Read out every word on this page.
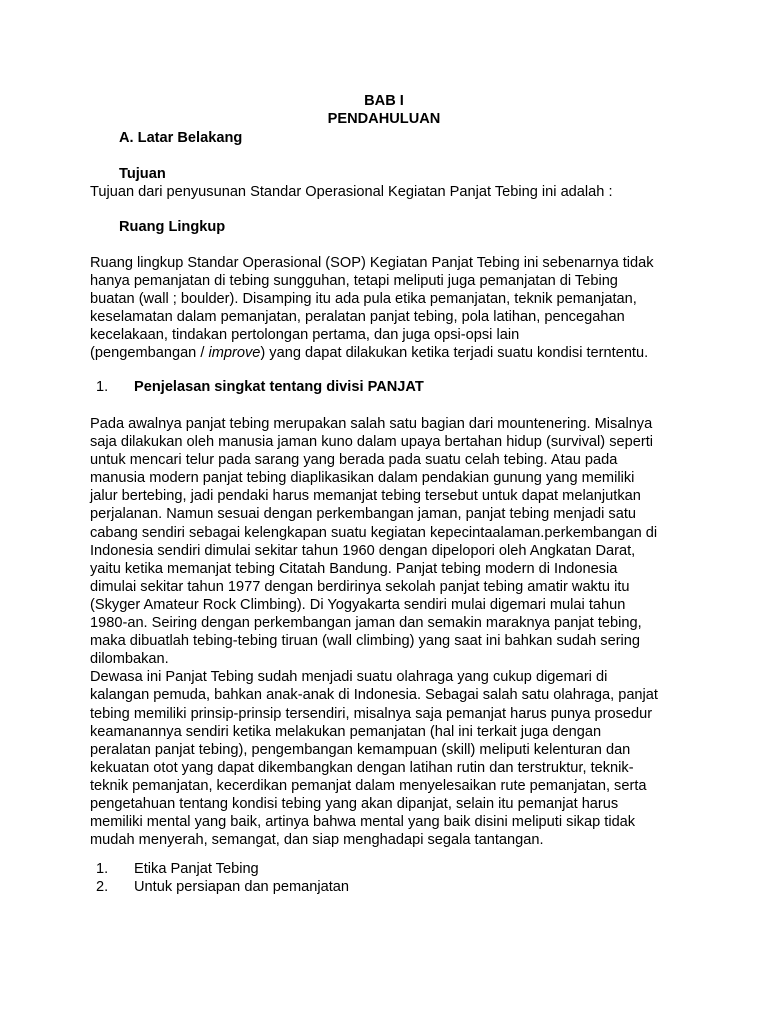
BAB I
PENDAHULUAN
A. Latar Belakang
Tujuan
Tujuan dari penyusunan Standar Operasional Kegiatan Panjat Tebing ini adalah :
Ruang Lingkup
Ruang lingkup Standar Operasional (SOP) Kegiatan Panjat Tebing ini sebenarnya tidak
hanya pemanjatan di tebing sungguhan, tetapi meliputi juga pemanjatan di Tebing
buatan (wall ; boulder). Disamping itu ada pula etika pemanjatan, teknik pemanjatan,
keselamatan dalam pemanjatan, peralatan panjat tebing, pola latihan, pencegahan
kecelakaan, tindakan pertolongan pertama, dan juga opsi-opsi lain
(pengembangan / improve) yang dapat dilakukan ketika terjadi suatu kondisi terntentu.
1. Penjelasan singkat tentang divisi PANJAT
Pada awalnya panjat tebing merupakan salah satu bagian dari mountenering. Misalnya
saja dilakukan oleh manusia jaman kuno dalam upaya bertahan hidup (survival) seperti
untuk mencari telur pada sarang yang berada pada suatu celah tebing. Atau pada
manusia modern panjat tebing diaplikasikan dalam pendakian gunung yang memiliki
jalur bertebing, jadi pendaki harus memanjat tebing tersebut untuk dapat melanjutkan
perjalanan. Namun sesuai dengan perkembangan jaman, panjat tebing menjadi satu
cabang sendiri sebagai kelengkapan suatu kegiatan kepecintaalaman.perkembangan di
Indonesia sendiri dimulai sekitar tahun 1960 dengan dipelopori oleh Angkatan Darat,
yaitu ketika memanjat tebing Citatah Bandung. Panjat tebing modern di Indonesia
dimulai sekitar tahun 1977 dengan berdirinya sekolah panjat tebing amatir waktu itu
(Skyger Amateur Rock Climbing). Di Yogyakarta sendiri mulai digemari mulai tahun
1980-an. Seiring dengan perkembangan jaman dan semakin maraknya panjat tebing,
maka dibuatlah tebing-tebing tiruan (wall climbing) yang saat ini bahkan sudah sering
dilombakan.
Dewasa ini Panjat Tebing sudah menjadi suatu olahraga yang cukup digemari di
kalangan pemuda, bahkan anak-anak di Indonesia. Sebagai salah satu olahraga, panjat
tebing memiliki prinsip-prinsip tersendiri, misalnya saja pemanjat harus punya prosedur
keamanannya sendiri ketika melakukan pemanjatan (hal ini terkait juga dengan
peralatan panjat tebing), pengembangan kemampuan (skill) meliputi kelenturan dan
kekuatan otot yang dapat dikembangkan dengan latihan rutin dan terstruktur, teknik-
teknik pemanjatan, kecerdikan pemanjat dalam menyelesaikan rute pemanjatan, serta
pengetahuan tentang kondisi tebing yang akan dipanjat, selain itu pemanjat harus
memiliki mental yang baik, artinya bahwa mental yang baik disini meliputi sikap tidak
mudah menyerah, semangat, dan siap menghadapi segala tantangan.
1. Etika Panjat Tebing
2. Untuk persiapan dan pemanjatan
